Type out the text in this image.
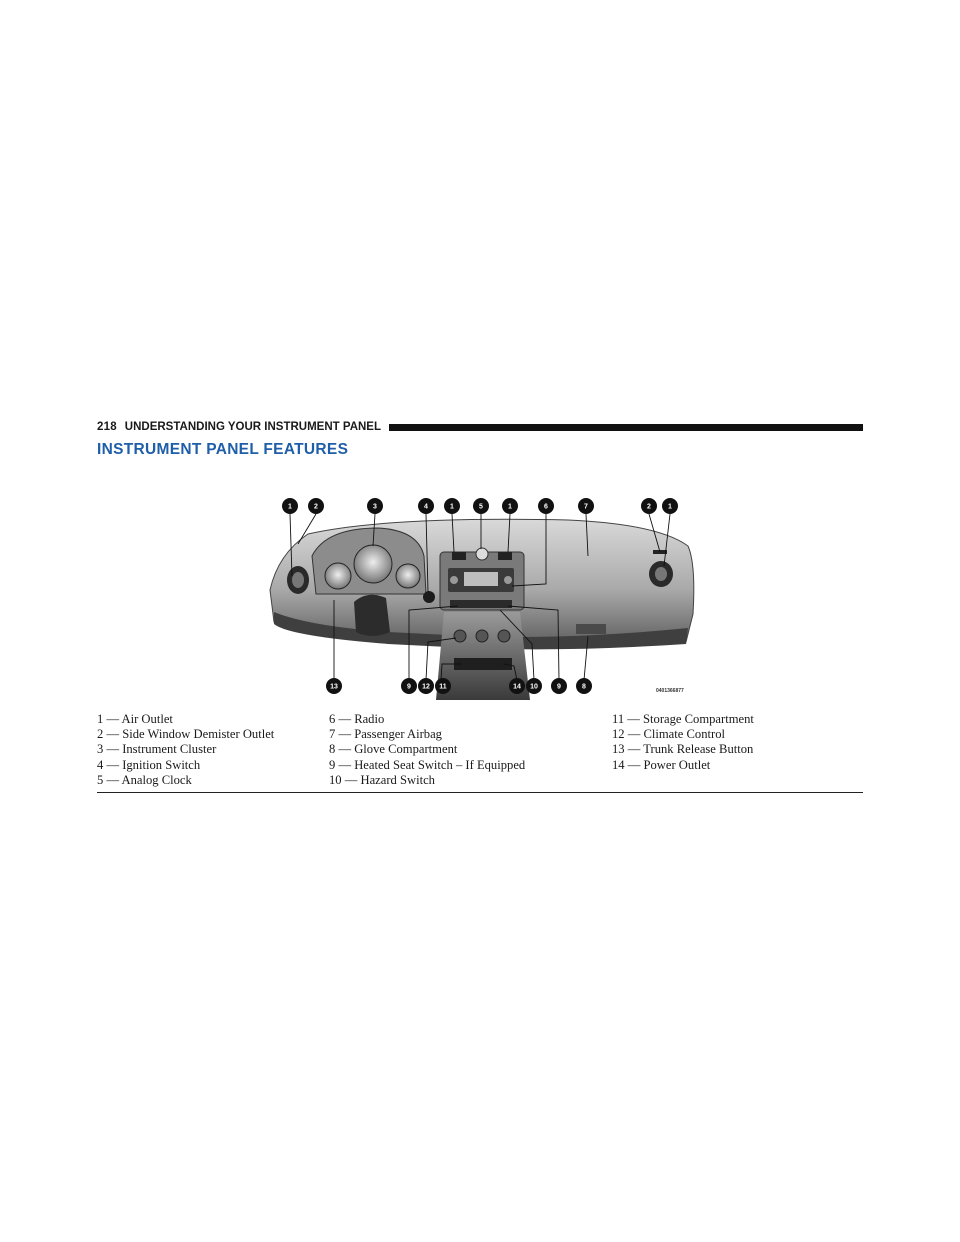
218 UNDERSTANDING YOUR INSTRUMENT PANEL
INSTRUMENT PANEL FEATURES
1	2	3	4	1	5	1	6	7	2 1
13	9 12 11	14 10	9	8
0401366877
1 — Air Outlet
2 — Side Window Demister Outlet
3 — Instrument Cluster
4 — Ignition Switch
5 — Analog Clock
6 — Radio
7 — Passenger Airbag
8 — Glove Compartment
9 — Heated Seat Switch – If Equipped
10 — Hazard Switch
11 — Storage Compartment
12 — Climate Control
13 — Trunk Release Button
14 — Power Outlet
